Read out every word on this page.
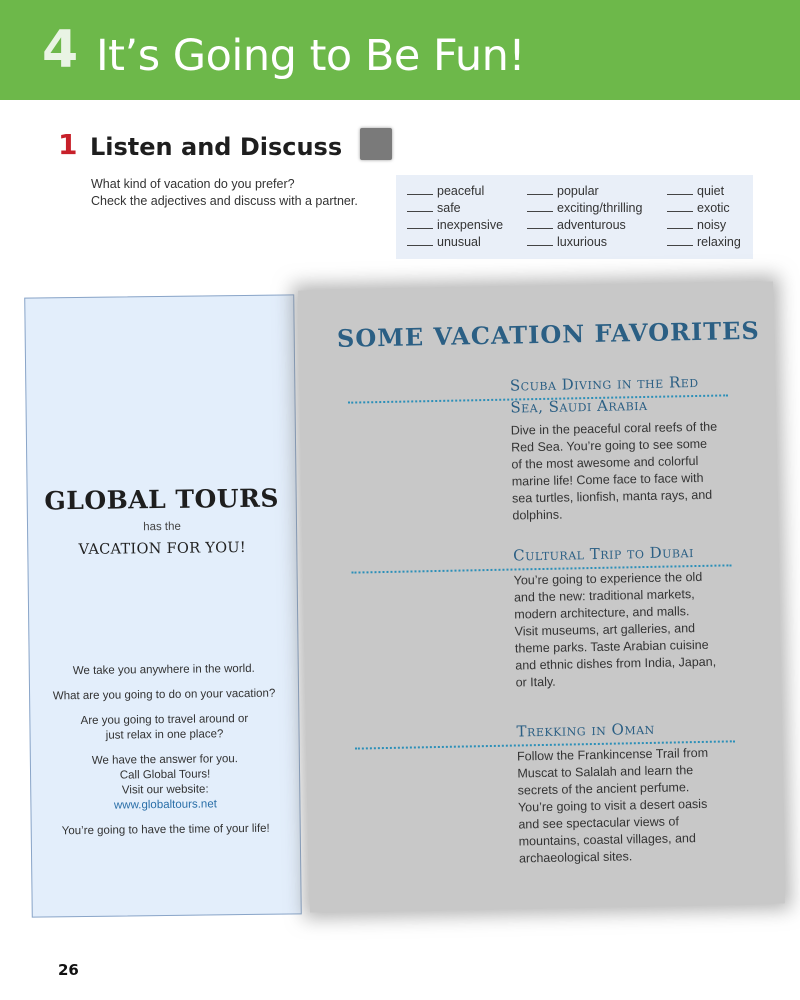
4 It’s Going to Be Fun!
1 Listen and Discuss
What kind of vacation do you prefer?
Check the adjectives and discuss with a partner.
peaceful
safe
inexpensive
unusual
popular
exciting/thrilling
adventurous
luxurious
quiet
exotic
noisy
relaxing
GLOBAL TOURS
has the
VACATION FOR YOU!

We take you anywhere in the world.

What are you going to do on your vacation?

Are you going to travel around or
just relax in one place?

We have the answer for you.
Call Global Tours!
Visit our website:
www.globaltours.net

You’re going to have the time of your life!

SOME VACATION FAVORITES
Scuba Diving in the Red
Sea, Saudi Arabia
Dive in the peaceful coral reefs of the
Red Sea. You’re going to see some
of the most awesome and colorful
marine life! Come face to face with
sea turtles, lionfish, manta rays, and
dolphins.
Cultural Trip to Dubai
You’re going to experience the old
and the new: traditional markets,
modern architecture, and malls.
Visit museums, art galleries, and
theme parks. Taste Arabian cuisine
and ethnic dishes from India, Japan,
or Italy.
Trekking in Oman
Follow the Frankincense Trail from
Muscat to Salalah and learn the
secrets of the ancient perfume.
You’re going to visit a desert oasis
and see spectacular views of
mountains, coastal villages, and
archaeological sites.
26
